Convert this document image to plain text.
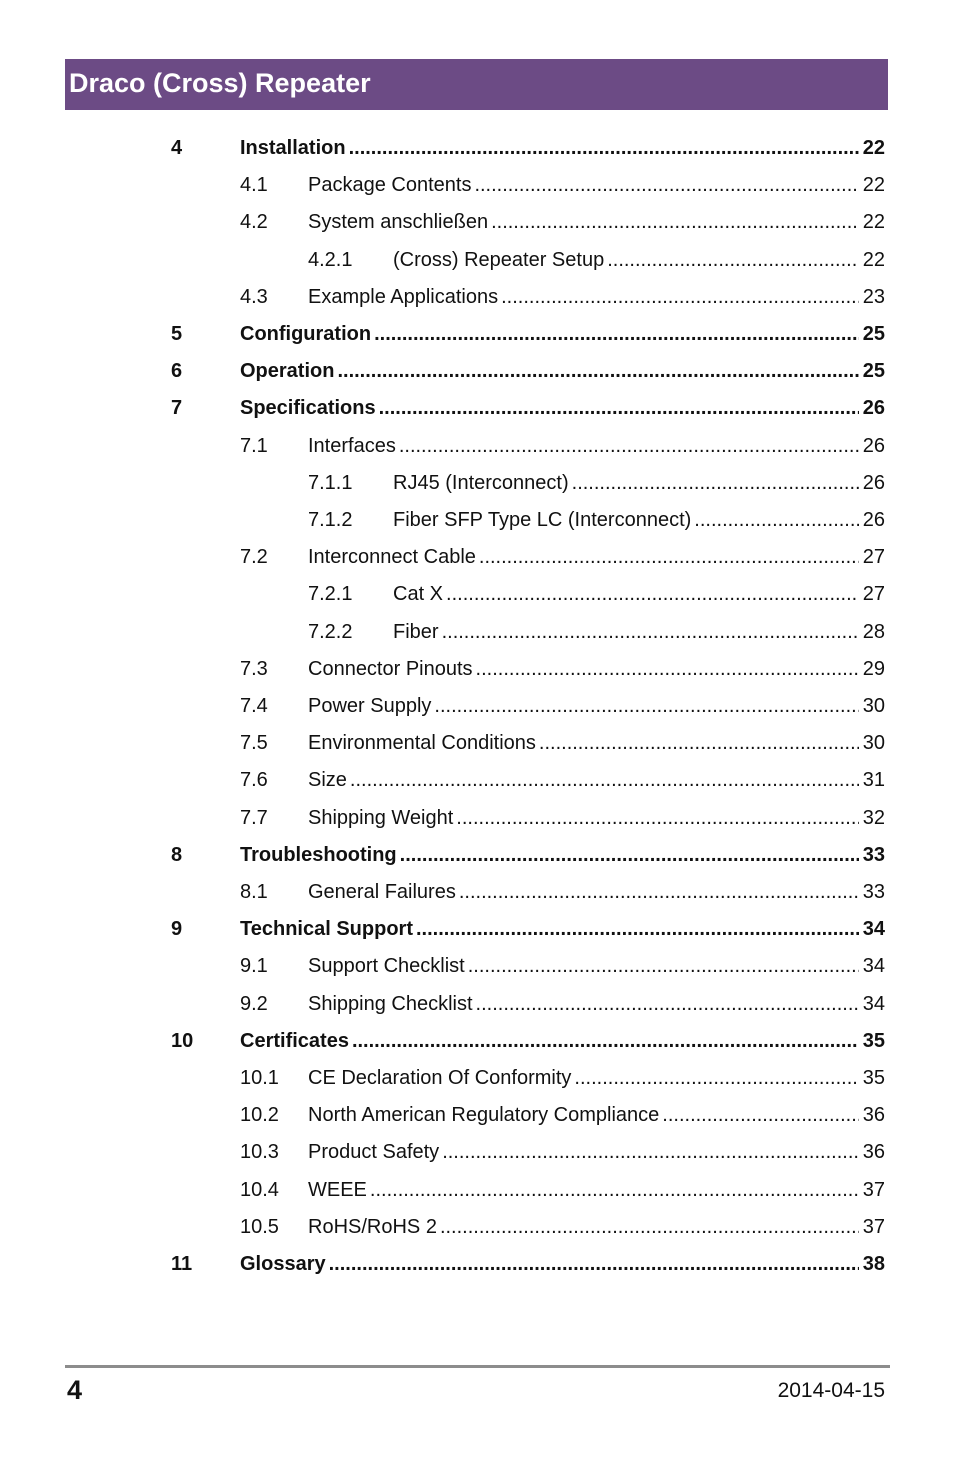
Draco (Cross) Repeater
4	Installation .....	22
4.1 Package Contents .....	22
4.2 System anschließen .....	22
4.2.1 (Cross) Repeater Setup .....	22
4.3 Example Applications .....	23
5	Configuration .....	25
6	Operation .....	25
7	Specifications .....	26
7.1 Interfaces .....	26
7.1.1 RJ45 (Interconnect) .....	26
7.1.2 Fiber SFP Type LC (Interconnect) .....	26
7.2 Interconnect Cable .....	27
7.2.1 Cat X .....	27
7.2.2 Fiber .....	28
7.3 Connector Pinouts .....	29
7.4 Power Supply .....	30
7.5 Environmental Conditions .....	30
7.6 Size .....	31
7.7 Shipping Weight .....	32
8	Troubleshooting .....	33
8.1 General Failures .....	33
9	Technical Support .....	34
9.1 Support Checklist .....	34
9.2 Shipping Checklist .....	34
10 Certificates .....	35
10.1 CE Declaration Of Conformity .....	35
10.2 North American Regulatory Compliance .....	36
10.3 Product Safety .....	36
10.4 WEEE .....	37
10.5 RoHS/RoHS 2 .....	37
11 Glossary .....	38
4	2014-04-15
